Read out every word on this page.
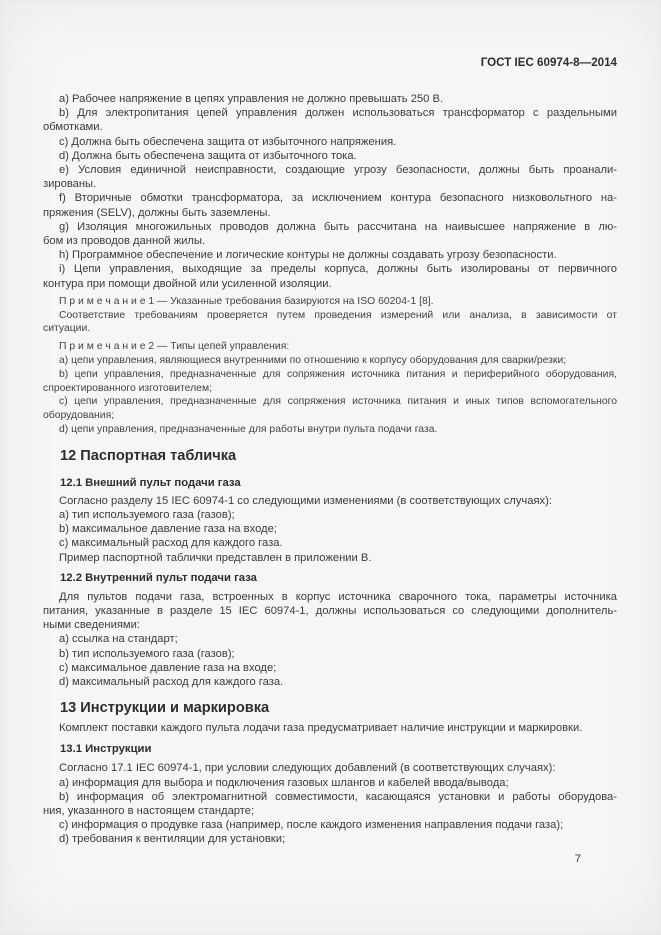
ГОСТ IEC 60974-8—2014
a) Рабочее напряжение в цепях управления не должно превышать 250 В.
b) Для электропитания цепей управления должен использоваться трансформатор с раздельными
обмотками.
c) Должна быть обеспечена защита от избыточного напряжения.
d) Должна быть обеспечена защита от избыточного тока.
e) Условия единичной неисправности, создающие угрозу безопасности, должны быть проанали-
зированы.
f) Вторичные обмотки трансформатора, за исключением контура безопасного низковольтного на-
пряжения (SELV), должны быть заземлены.
g) Изоляция многожильных проводов должна быть рассчитана на наивысшее напряжение в лю-
бом из проводов данной жилы.
h) Программное обеспечение и логические контуры не должны создавать угрозу безопасности.
i) Цепи управления, выходящие за пределы корпуса, должны быть изолированы от первичного
контура при помощи двойной или усиленной изоляции.
П р и м е ч а н и е 1 — Указанные требования базируются на ISO 60204-1 [8].
Соответствие требованиям проверяется путем проведения измерений или анализа, в зависимости от
ситуации.
П р и м е ч а н и е 2 — Типы цепей управления:
a) цепи управления, являющиеся внутренними по отношению к корпусу оборудования для сварки/резки;
b) цепи управления, предназначенные для сопряжения источника питания и периферийного оборудования,
спроектированного изготовителем;
c) цепи управления, предназначенные для сопряжения источника питания и иных типов вспомогательного
оборудования;
d) цепи управления, предназначенные для работы внутри пульта подачи газа.
12 Паспортная табличка
12.1 Внешний пульт подачи газа
Согласно разделу 15 IEC 60974-1 со следующими изменениями (в соответствующих случаях):
a) тип используемого газа (газов);
b) максимальное давление газа на входе;
c) максимальный расход для каждого газа.
Пример паспортной таблички представлен в приложении В.
12.2 Внутренний пульт подачи газа
Для пультов подачи газа, встроенных в корпус источника сварочного тока, параметры источника
питания, указанные в разделе 15 IEC 60974-1, должны использоваться со следующими дополнитель-
ными сведениями:
a) ссылка на стандарт;
b) тип используемого газа (газов);
c) максимальное давление газа на входе;
d) максимальный расход для каждого газа.
13 Инструкции и маркировка
Комплект поставки каждого пульта лодачи газа предусматривает наличие инструкции и маркировки.
13.1 Инструкции
Согласно 17.1 IEC 60974-1, при условии следующих добавлений (в соответствующих случаях):
a) информация для выбора и подключения газовых шлангов и кабелей ввода/вывода;
b) информация об электромагнитной совместимости, касающаяся установки и работы оборудова-
ния, указанного в настоящем стандарте;
c) информация о продувке газа (например, после каждого изменения направления подачи газа);
d) требования к вентиляции для установки;
7
